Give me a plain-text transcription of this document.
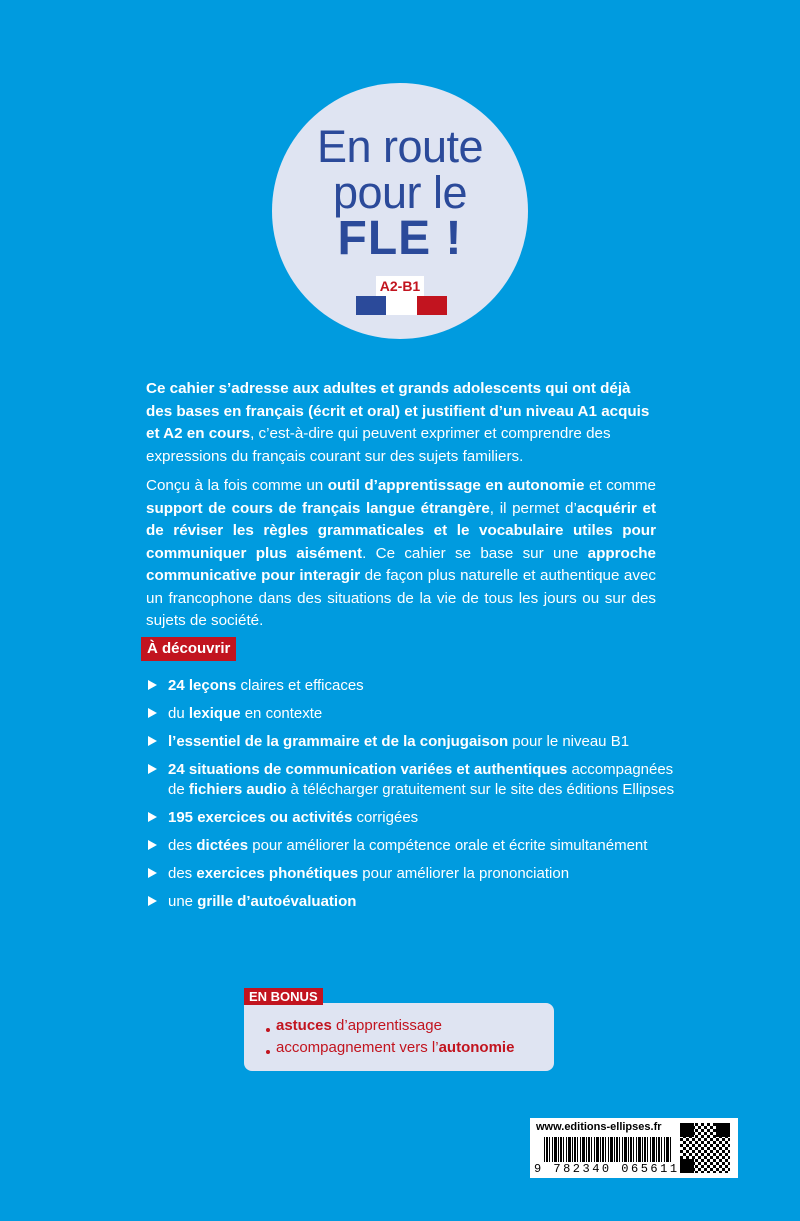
En route
pour le
FLE !
A2-B1
Ce cahier s’adresse aux adultes et grands adolescents qui ont déjà des bases en français (écrit et oral) et justifient d’un niveau A1 acquis et A2 en cours, c’est-à-dire qui peuvent exprimer et comprendre des expressions du français courant sur des sujets familiers.
Conçu à la fois comme un outil d’apprentissage en autonomie et comme support de cours de français langue étrangère, il permet d’acquérir et de réviser les règles grammaticales et le vocabulaire utiles pour communiquer plus aisément. Ce cahier se base sur une approche communicative pour interagir de façon plus naturelle et authentique avec un francophone dans des situations de la vie de tous les jours ou sur des sujets de société.
À découvrir
24 leçons claires et efficaces
du lexique en contexte
l’essentiel de la grammaire et de la conjugaison pour le niveau B1
24 situations de communication variées et authentiques accompagnées de fichiers audio à télécharger gratuitement sur le site des éditions Ellipses
195 exercices ou activités corrigées
des dictées pour améliorer la compétence orale et écrite simultanément
des exercices phonétiques pour améliorer la prononciation
une grille d’autoévaluation
EN BONUS
astuces d’apprentissage
accompagnement vers l’autonomie
www.editions-ellipses.fr
9 782340 065611
